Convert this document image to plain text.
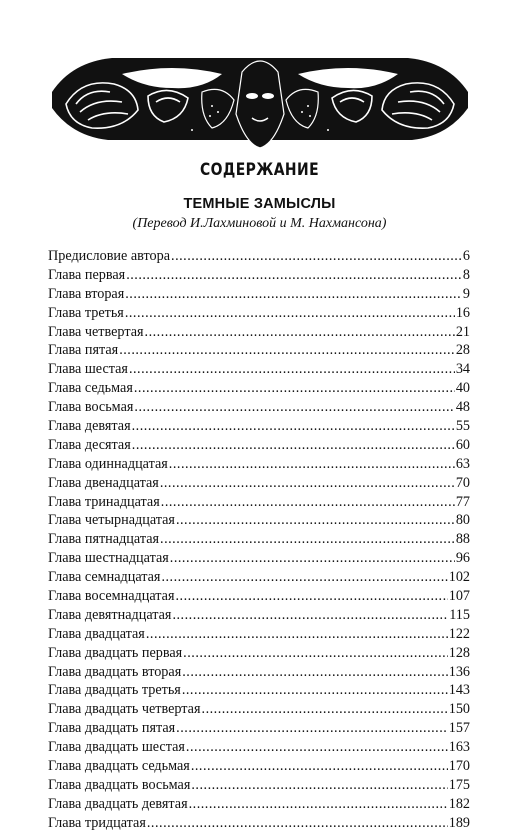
СОДЕРЖАНИЕ
ТЕМНЫЕ ЗАМЫСЛЫ
(Перевод И.Лахминовой и М. Нахмансона)
Предисловие автора .....	6
Глава первая .....	8
Глава вторая .....	9
Глава третья .....	16
Глава четвертая .....	21
Глава пятая .....	28
Глава шестая .....	34
Глава седьмая .....	40
Глава восьмая .....	48
Глава девятая .....	55
Глава десятая .....	60
Глава одиннадцатая .....	63
Глава двенадцатая .....	70
Глава тринадцатая .....	77
Глава четырнадцатая .....	80
Глава пятнадцатая .....	88
Глава шестнадцатая .....	96
Глава семнадцатая .....	102
Глава восемнадцатая .....	107
Глава девятнадцатая .....	115
Глава двадцатая .....	122
Глава двадцать первая .....	128
Глава двадцать вторая .....	136
Глава двадцать третья .....	143
Глава двадцать четвертая .....	150
Глава двадцать пятая .....	157
Глава двадцать шестая .....	163
Глава двадцать седьмая .....	170
Глава двадцать восьмая .....	175
Глава двадцать девятая .....	182
Глава тридцатая .....	189
